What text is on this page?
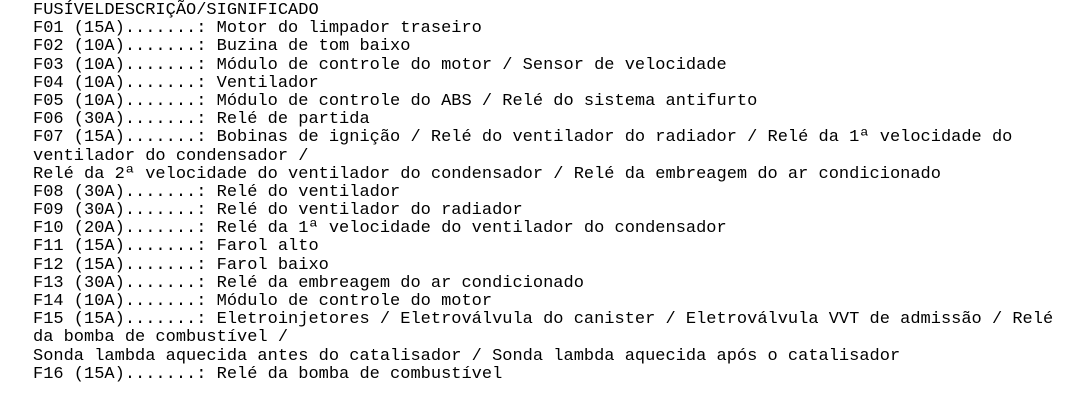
FUSÍVELDESCRIÇÃO/SIGNIFICADO
F01 (15A).......: Motor do limpador traseiro
F02 (10A).......: Buzina de tom baixo
F03 (10A).......: Módulo de controle do motor / Sensor de velocidade
F04 (10A).......: Ventilador
F05 (10A).......: Módulo de controle do ABS / Relé do sistema antifurto
F06 (30A).......: Relé de partida
F07 (15A).......: Bobinas de ignição / Relé do ventilador do radiador / Relé da 1ª velocidade do
ventilador do condensador /
Relé da 2ª velocidade do ventilador do condensador / Relé da embreagem do ar condicionado
F08 (30A).......: Relé do ventilador
F09 (30A).......: Relé do ventilador do radiador
F10 (20A).......: Relé da 1ª velocidade do ventilador do condensador
F11 (15A).......: Farol alto
F12 (15A).......: Farol baixo
F13 (30A).......: Relé da embreagem do ar condicionado
F14 (10A).......: Módulo de controle do motor
F15 (15A).......: Eletroinjetores / Eletroválvula do canister / Eletroválvula VVT de admissão / Relé
da bomba de combustível /
Sonda lambda aquecida antes do catalisador / Sonda lambda aquecida após o catalisador
F16 (15A).......: Relé da bomba de combustível
